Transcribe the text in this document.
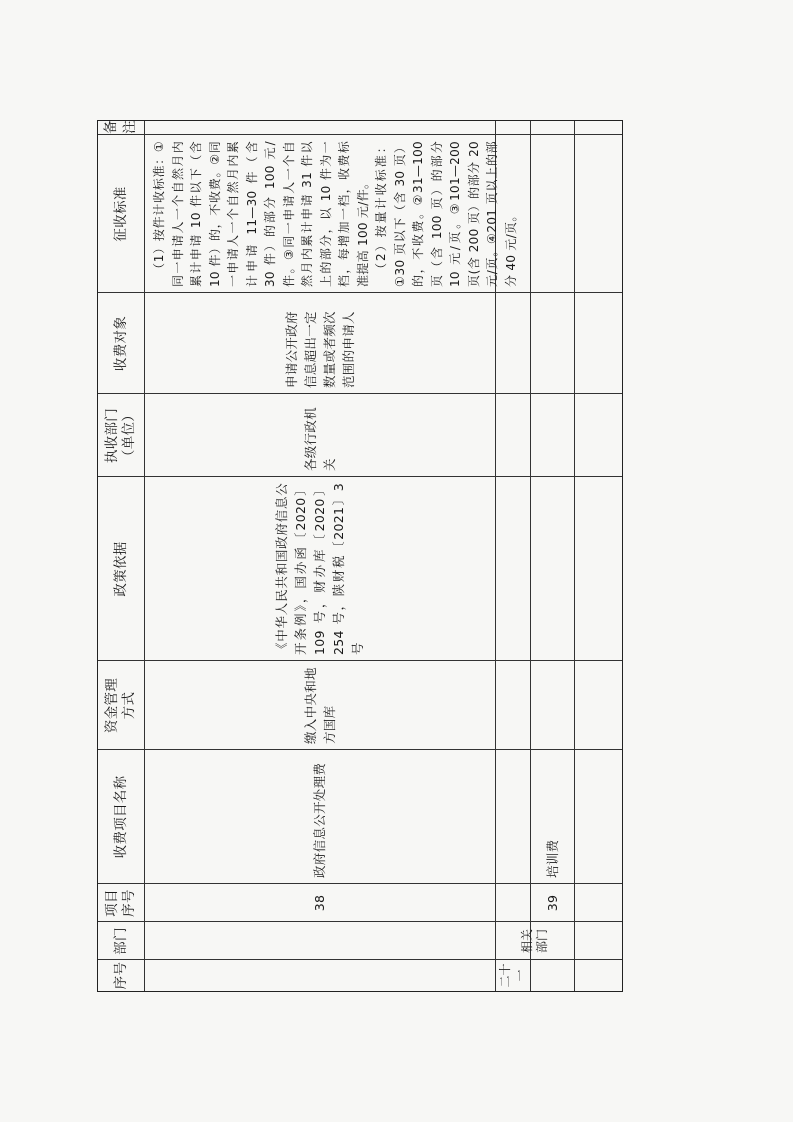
序号
部门
项目
序号
收费项目名称
资金管理
方式
政策依据
执收部门
（单位）
收费对象
征收标准
备 注
38
政府信息公开处理费
缴入中央和地方国库
《中华人民共和国政府信息公开条例》，国办函〔2020〕109 号，财办库〔2020〕254 号，陕财税〔2021〕3 号
各级行政机关
申请公开政府信息超出一定数量或者频次范围的申请人
（1）按件计收标准：①同一申请人一个自然月内累计申请 10 件以下（含 10 件）的，不收费。②同一申请人一个自然月内累计申请 11—30 件（含 30 件）的部分 100 元/件。③同一申请人一个自然月内累计申请 31 件以上的部分，以 10 件为一档，每增加一档，收费标准提高 100 元/件。 （2）按量计收标准：①30 页以下（含 30 页）的，不收费。②31—100 页（含 100 页）的部分 10 元/页。③101—200 页(含 200 页）的部分 20 元/页。④201 页以上的部分 40 元/页。
二十一
相关部门
39
培训费
